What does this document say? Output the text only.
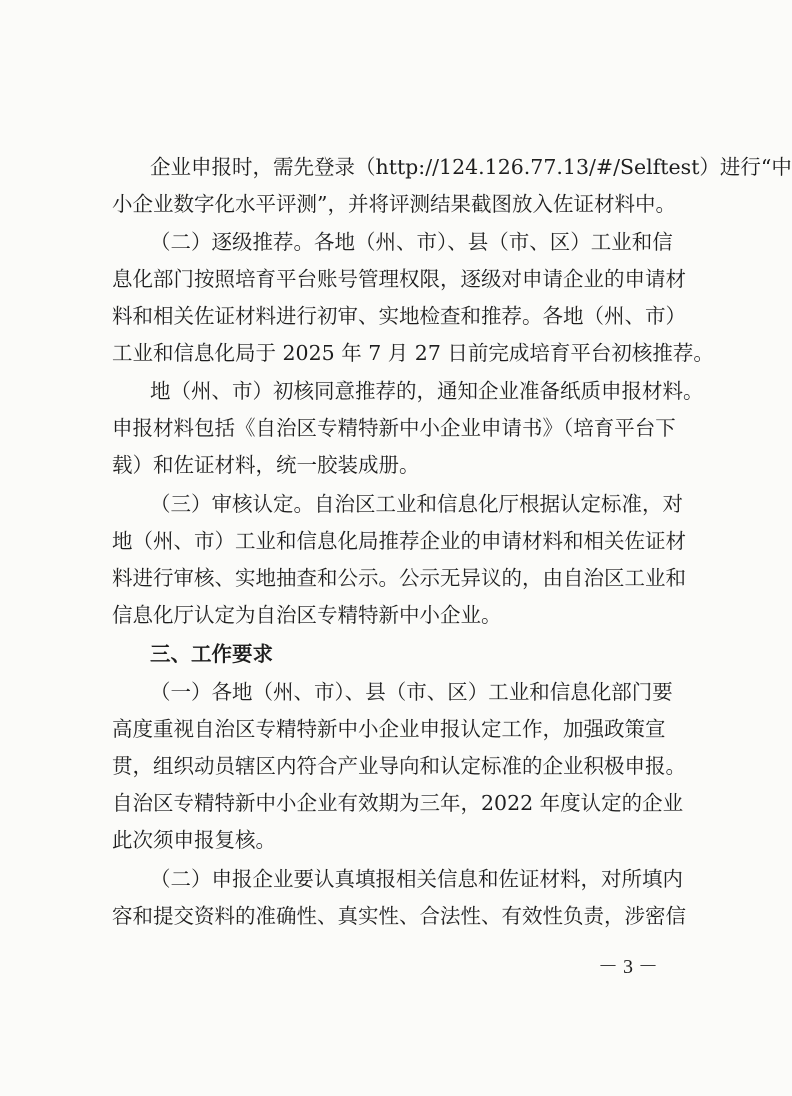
企业申报时，需先登录（http://124.126.77.13/#/Selftest）进行“中
小企业数字化水平评测”，并将评测结果截图放入佐证材料中。
（二）逐级推荐。各地（州、市）、县（市、区）工业和信
息化部门按照培育平台账号管理权限，逐级对申请企业的申请材
料和相关佐证材料进行初审、实地检查和推荐。各地（州、市）
工业和信息化局于 2025 年 7 月 27 日前完成培育平台初核推荐。
地（州、市）初核同意推荐的，通知企业准备纸质申报材料。
申报材料包括《自治区专精特新中小企业申请书》（培育平台下
载）和佐证材料，统一胶装成册。
（三）审核认定。自治区工业和信息化厅根据认定标准，对
地（州、市）工业和信息化局推荐企业的申请材料和相关佐证材
料进行审核、实地抽查和公示。公示无异议的，由自治区工业和
信息化厅认定为自治区专精特新中小企业。
三、工作要求
（一）各地（州、市）、县（市、区）工业和信息化部门要
高度重视自治区专精特新中小企业申报认定工作，加强政策宣
贯，组织动员辖区内符合产业导向和认定标准的企业积极申报。
自治区专精特新中小企业有效期为三年，2022 年度认定的企业
此次须申报复核。
（二）申报企业要认真填报相关信息和佐证材料，对所填内
容和提交资料的准确性、真实性、合法性、有效性负责，涉密信
－ 3 －
